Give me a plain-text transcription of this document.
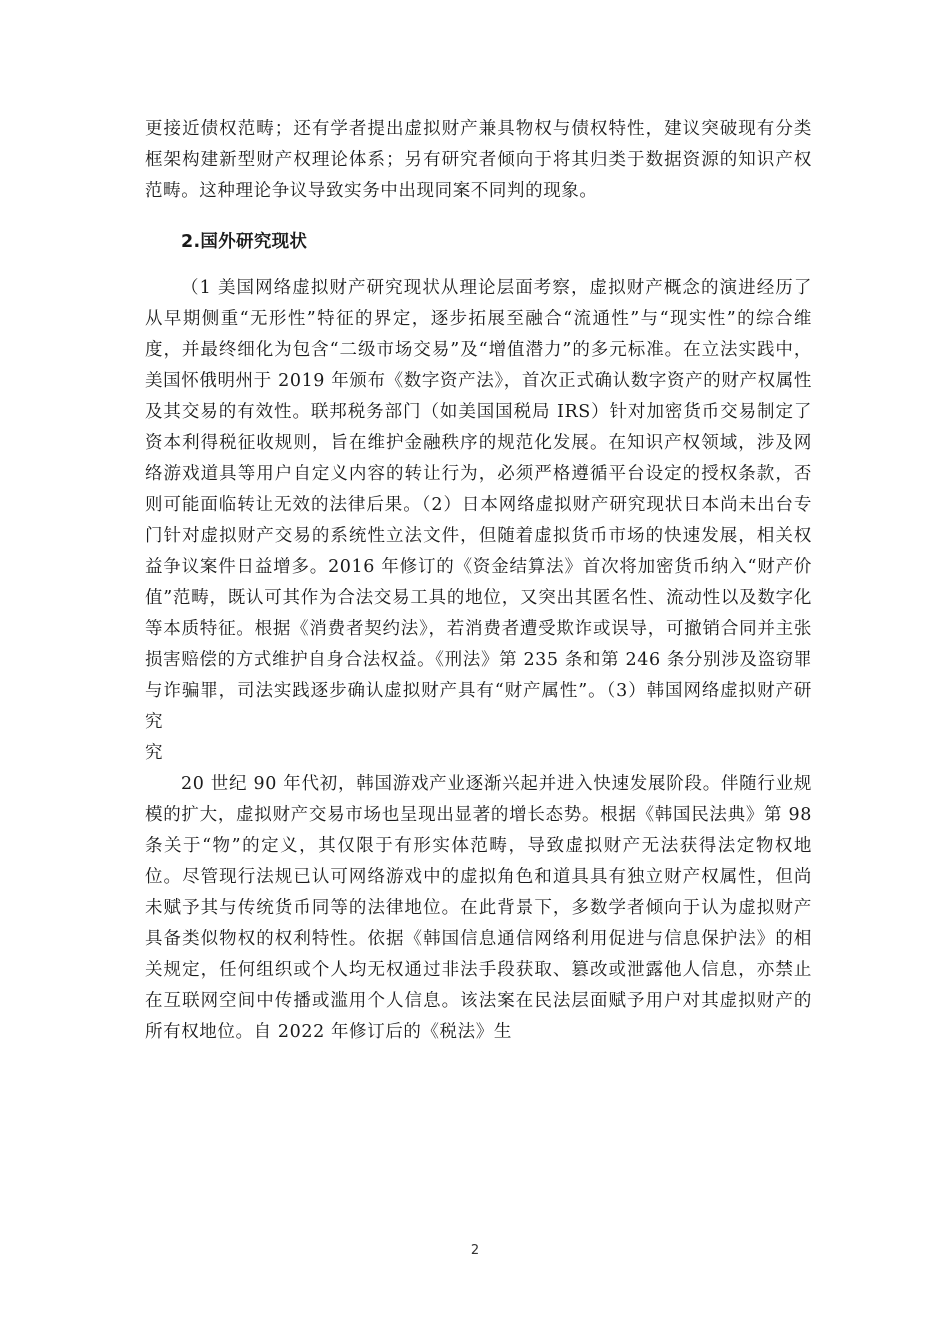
更接近债权范畴；还有学者提出虚拟财产兼具物权与债权特性，建议突破现有分类框架构建新型财产权理论体系；另有研究者倾向于将其归类于数据资源的知识产权范畴。这种理论争议导致实务中出现同案不同判的现象。

2.国外研究现状

（1 美国网络虚拟财产研究现状从理论层面考察，虚拟财产概念的演进经历了从早期侧重“无形性”特征的界定，逐步拓展至融合“流通性”与“现实性”的综合维度，并最终细化为包含“二级市场交易”及“增值潜力”的多元标准。在立法实践中，美国怀俄明州于 2019 年颁布《数字资产法》，首次正式确认数字资产的财产权属性及其交易的有效性。联邦税务部门（如美国国税局 IRS）针对加密货币交易制定了资本利得税征收规则，旨在维护金融秩序的规范化发展。在知识产权领域，涉及网络游戏道具等用户自定义内容的转让行为，必须严格遵循平台设定的授权条款，否则可能面临转让无效的法律后果。（2）日本网络虚拟财产研究现状日本尚未出台专门针对虚拟财产交易的系统性立法文件，但随着虚拟货币市场的快速发展，相关权益争议案件日益增多。2016 年修订的《资金结算法》首次将加密货币纳入“财产价值”范畴，既认可其作为合法交易工具的地位，又突出其匿名性、流动性以及数字化等本质特征。根据《消费者契约法》，若消费者遭受欺诈或误导，可撤销合同并主张损害赔偿的方式维护自身合法权益。《刑法》第 235 条和第 246 条分别涉及盗窃罪与诈骗罪，司法实践逐步确认虚拟财产具有“财产属性”。（3）韩国网络虚拟财产研究
究

20 世纪 90 年代初，韩国游戏产业逐渐兴起并进入快速发展阶段。伴随行业规模的扩大，虚拟财产交易市场也呈现出显著的增长态势。根据《韩国民法典》第 98 条关于“物”的定义，其仅限于有形实体范畴，导致虚拟财产无法获得法定物权地位。尽管现行法规已认可网络游戏中的虚拟角色和道具具有独立财产权属性，但尚未赋予其与传统货币同等的法律地位。在此背景下，多数学者倾向于认为虚拟财产具备类似物权的权利特性。依据《韩国信息通信网络利用促进与信息保护法》的相关规定，任何组织或个人均无权通过非法手段获取、篡改或泄露他人信息，亦禁止在互联网空间中传播或滥用个人信息。该法案在民法层面赋予用户对其虚拟财产的所有权地位。自 2022 年修订后的《税法》生

2
